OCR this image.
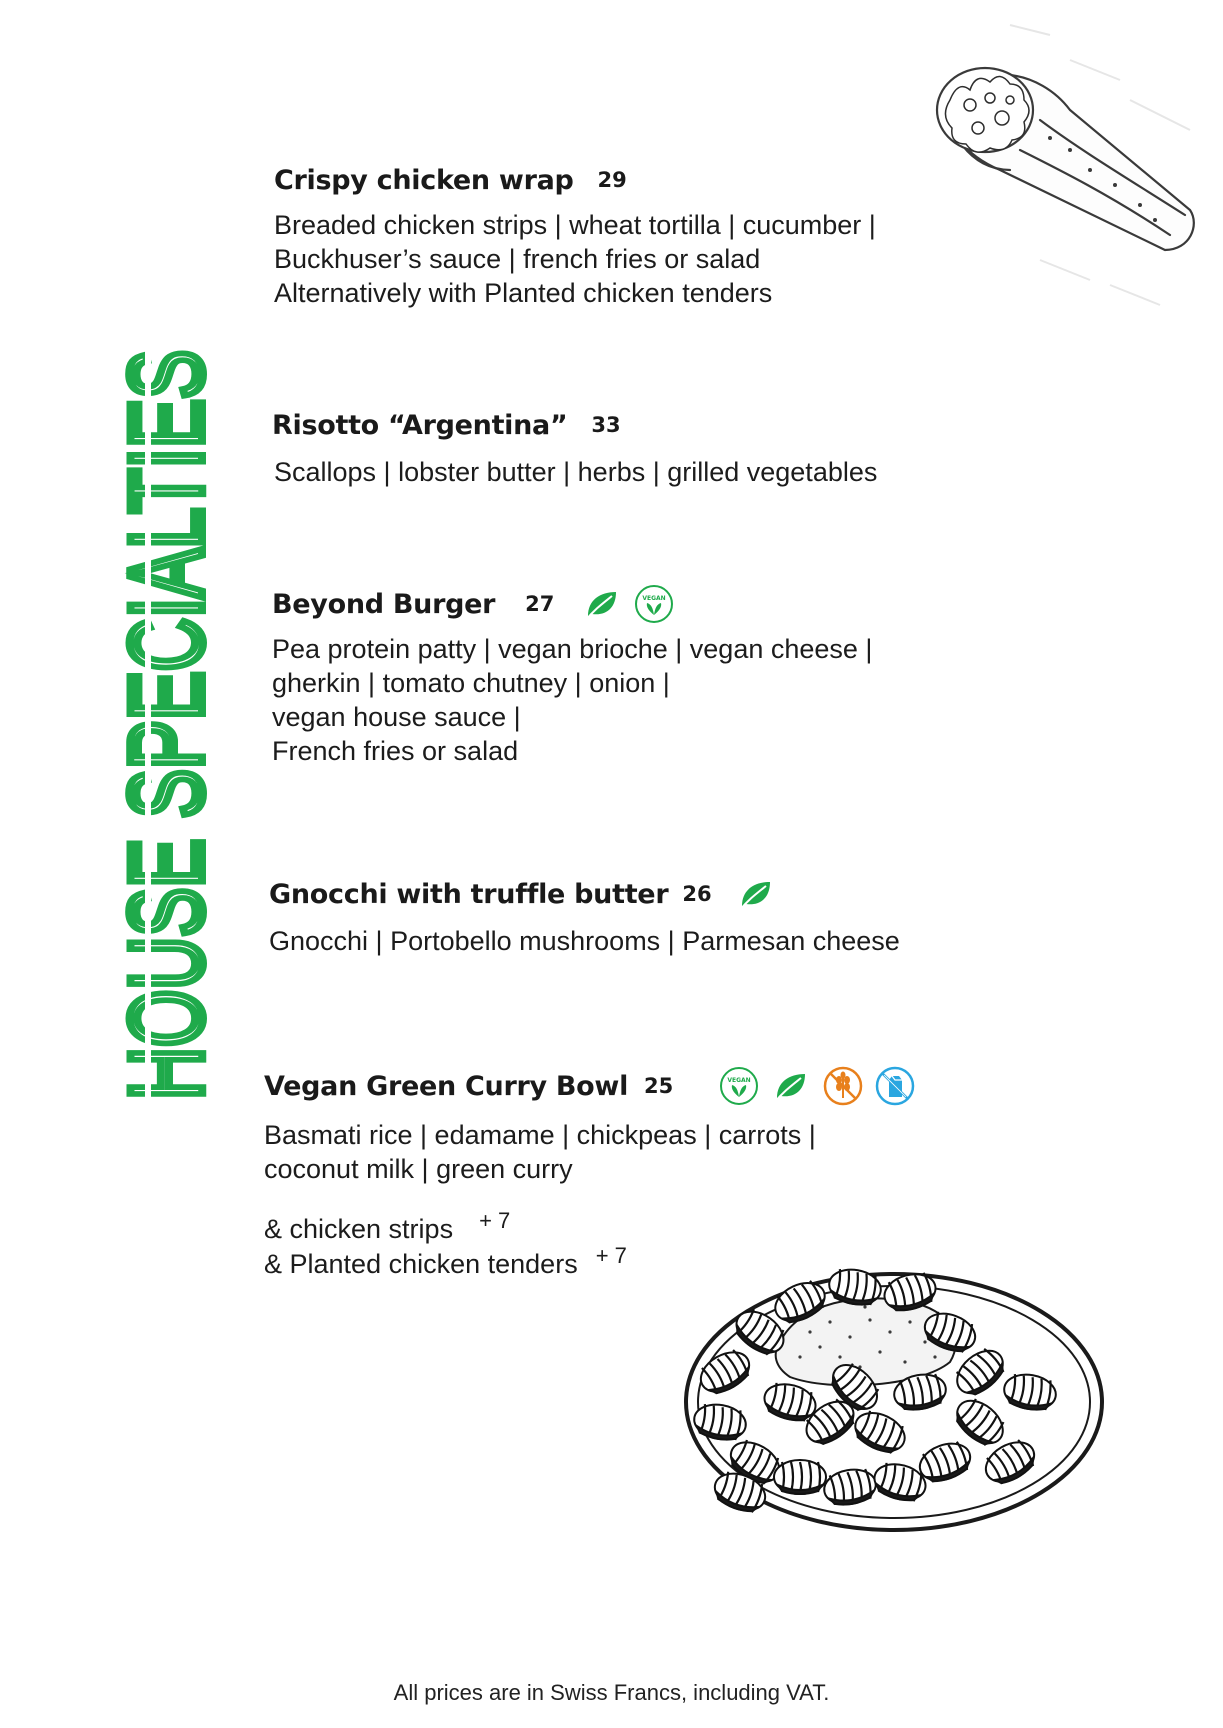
HOUSE SPECIALTIES Crispy chicken wrap 29
Breaded chicken strips | wheat tortilla | cucumber |
Buckhuser’s sauce | french fries or salad
Alternatively with Planted chicken tenders
Risotto “Argentina” 33
Scallops | lobster butter | herbs | grilled vegetables
Beyond Burger 27	VEGAN
Pea protein patty | vegan brioche | vegan cheese |
gherkin | tomato chutney | onion |
vegan house sauce |
French fries or salad
Gnocchi with truffle butter 26
Gnocchi | Portobello mushrooms | Parmesan cheese
Vegan Green Curry Bowl 25	VEGAN
Basmati rice | edamame | chickpeas | carrots |
coconut milk | green curry
& chicken strips + 7
& Planted chicken tenders + 7
All prices are in Swiss Francs, including VAT.
